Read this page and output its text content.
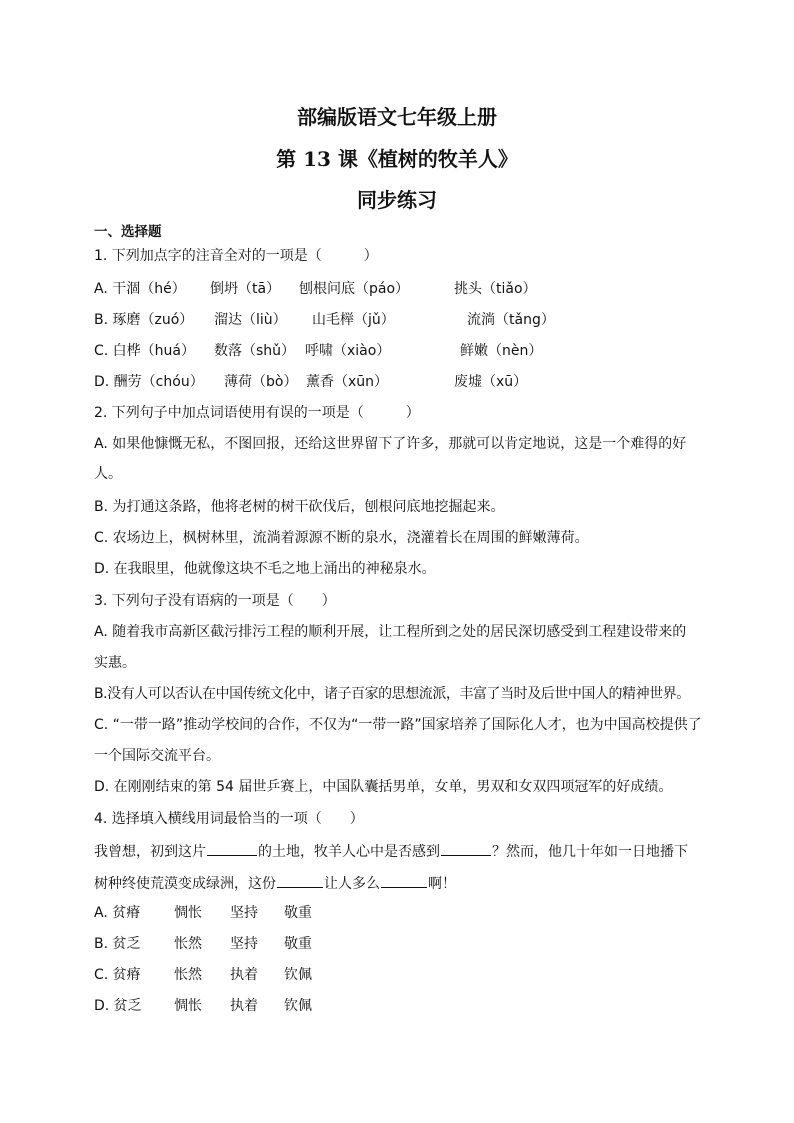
部编版语文七年级上册
第 13 课《植树的牧羊人》
同步练习
一、选择题
1. 下列加点字的注音全对的一项是（　　　）
A. 干涸（hé） 倒坍（tā） 刨根问底（páo）	挑头（tiǎo）
B. 琢磨（zuó） 溜达（liù） 山毛榉（jǔ）	流淌（tǎng）
C. 白桦（huá） 数落（shǔ） 呼啸（xiào）	鲜嫩（nèn）
D. 酬劳（chóu） 薄荷（bò） 薰香（xūn）	废墟（xū）
2. 下列句子中加点词语使用有误的一项是（　　　）
A. 如果他慷慨无私，不图回报，还给这世界留下了许多，那就可以肯定地说，这是一个难得的好
人。
B. 为打通这条路，他将老树的树干砍伐后，刨根问底地挖掘起来。
C. 农场边上，枫树林里，流淌着源源不断的泉水，浇灌着长在周围的鲜嫩薄荷。
D. 在我眼里，他就像这块不毛之地上涌出的神秘泉水。
3. 下列句子没有语病的一项是（　　）
A. 随着我市高新区截污排污工程的顺利开展，让工程所到之处的居民深切感受到工程建设带来的
实惠。
B.没有人可以否认在中国传统文化中，诸子百家的思想流派，丰富了当时及后世中国人的精神世界。
C. “一带一路”推动学校间的合作，不仅为“一带一路”国家培养了国际化人才，也为中国高校提供了
一个国际交流平台。
D. 在刚刚结束的第 54 届世乒赛上，中国队囊括男单，女单，男双和女双四项冠军的好成绩。
4. 选择填入横线用词最恰当的一项（　　）
我曾想，初到这片	的土地，牧羊人心中是否感到	？然而，他几十年如一日地播下
树种终使荒漠变成绿洲，这份	让人多么	啊！
A. 贫瘠 惆怅 坚持 敬重
B. 贫乏 怅然 坚持 敬重
C. 贫瘠 怅然 执着 钦佩
D. 贫乏 惆怅 执着 钦佩
